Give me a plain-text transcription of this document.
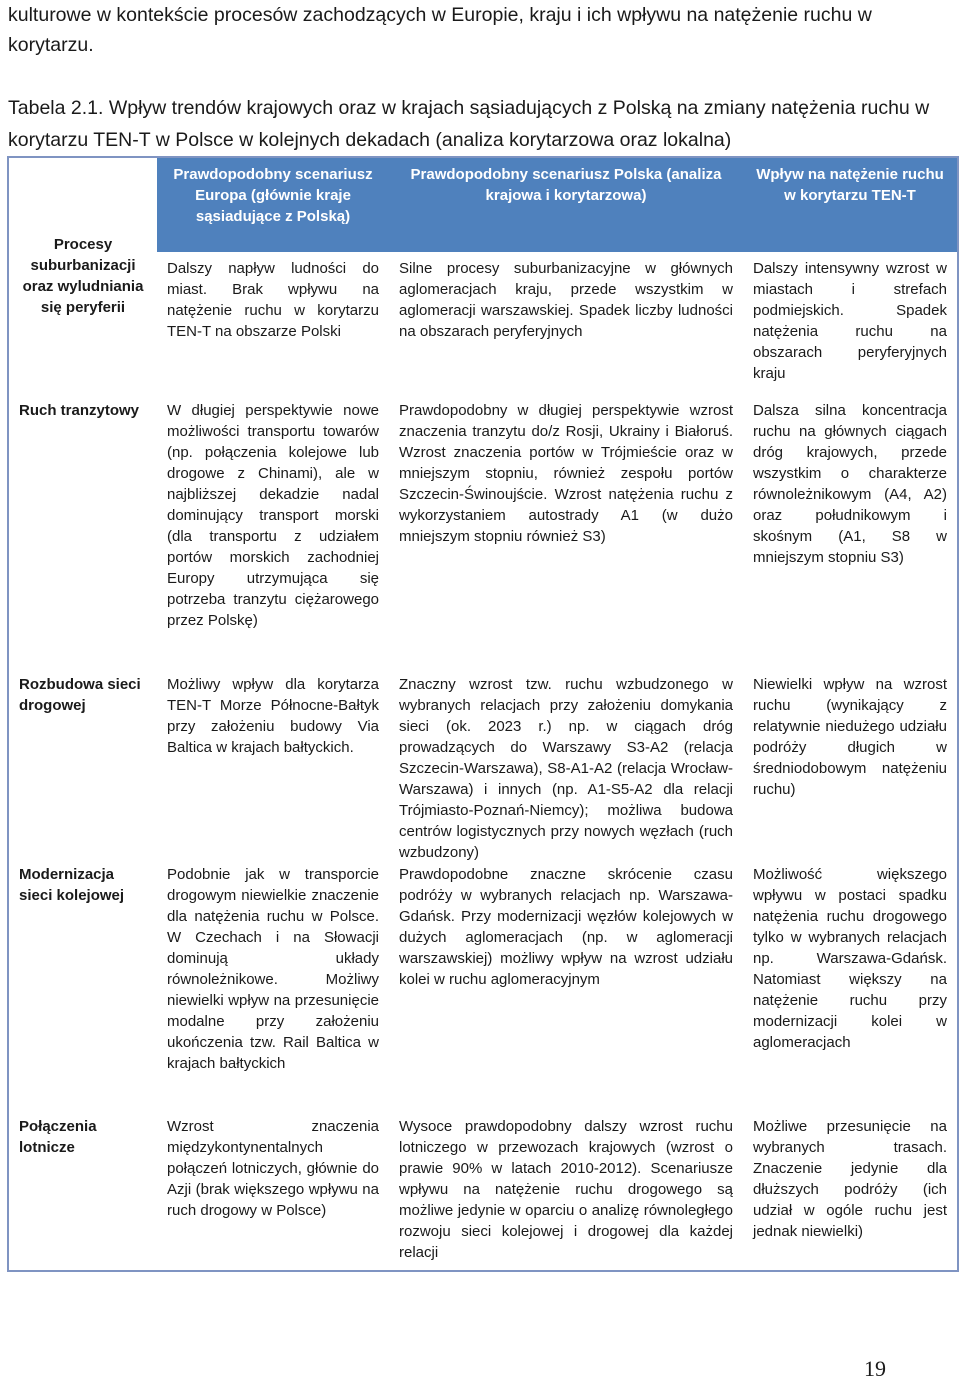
kulturowe w kontekście procesów zachodzących w Europie, kraju i ich wpływu na natężenie ruchu w korytarzu.
Tabela 2.1. Wpływ trendów krajowych oraz w krajach sąsiadujących z Polską na zmiany natężenia ruchu w korytarzu TEN-T w Polsce w kolejnych dekadach (analiza korytarzowa oraz lokalna)
Procesy suburbanizacji oraz wyludniania się peryferii
Prawdopodobny scenariusz Europa (głównie kraje sąsiadujące z Polską)
Dalszy napływ ludności do miast. Brak wpływu na natężenie ruchu w korytarzu TEN-T na obszarze Polski
Prawdopodobny scenariusz Polska (analiza krajowa i korytarzowa)
Silne procesy suburbanizacyjne w głównych aglomeracjach kraju, przede wszystkim w aglomeracji warszawskiej. Spadek liczby ludności na obszarach peryferyjnych
Wpływ na natężenie ruchu w korytarzu TEN-T
Dalszy intensywny wzrost w miastach i strefach podmiejskich. Spadek natężenia ruchu na obszarach peryferyjnych kraju
Ruch tranzytowy	W długiej perspektywie nowe możliwości transportu towarów (np. połączenia kolejowe lub drogowe z Chinami), ale w najbliższej dekadzie nadal dominujący transport morski (dla transportu z udziałem portów morskich zachodniej Europy utrzymująca się potrzeba tranzytu ciężarowego przez Polskę)
Prawdopodobny w długiej perspektywie wzrost znaczenia tranzytu do/z Rosji, Ukrainy i Białoruś. Wzrost znaczenia portów w Trójmieście oraz w mniejszym stopniu, również zespołu portów Szczecin-Świnoujście. Wzrost natężenia ruchu z wykorzystaniem autostrady A1 (w dużo mniejszym stopniu również S3)
Dalsza silna koncentracja ruchu na głównych ciągach dróg krajowych, przede wszystkim o charakterze równoleżnikowym (A4, A2) oraz południkowym i skośnym (A1, S8 w mniejszym stopniu S3)
Rozbudowa sieci drogowej
Możliwy wpływ dla korytarza TEN-T Morze Północne-Bałtyk przy założeniu budowy Via Baltica w krajach bałtyckich.
Znaczny wzrost tzw. ruchu wzbudzonego w wybranych relacjach przy założeniu domykania sieci (ok. 2023 r.) np. w ciągach dróg prowadzących do Warszawy S3-A2 (relacja Szczecin-Warszawa), S8-A1-A2 (relacja Wrocław-Warszawa) i innych (np. A1-S5-A2 dla relacji Trójmiasto-Poznań-Niemcy); możliwa budowa centrów logistycznych przy nowych węzłach (ruch wzbudzony)
Niewielki wpływ na wzrost ruchu (wynikający z relatywnie niedużego udziału podróży długich w średniodobowym natężeniu ruchu)
Modernizacja sieci kolejowej
Podobnie jak w transporcie drogowym niewielkie znaczenie dla natężenia ruchu w Polsce. W Czechach i na Słowacji dominują układy równoleżnikowe. Możliwy niewielki wpływ na przesunięcie modalne przy założeniu ukończenia tzw. Rail Baltica w krajach bałtyckich
Prawdopodobne znaczne skrócenie czasu podróży w wybranych relacjach np. Warszawa-Gdańsk. Przy modernizacji węzłów kolejowych w dużych aglomeracjach (np. w aglomeracji warszawskiej) możliwy wpływ na wzrost udziału kolei w ruchu aglomeracyjnym
Możliwość większego wpływu w postaci spadku natężenia ruchu drogowego tylko w wybranych relacjach np. Warszawa-Gdańsk. Natomiast większy na natężenie ruchu przy modernizacji kolei w aglomeracjach
Połączenia lotnicze
Wzrost znaczenia międzykontynentalnych połączeń lotniczych, głównie do Azji (brak większego wpływu na ruch drogowy w Polsce)
Wysoce prawdopodobny dalszy wzrost ruchu lotniczego w przewozach krajowych (wzrost o prawie 90% w latach 2010-2012). Scenariusze wpływu na natężenie ruchu drogowego są możliwe jedynie w oparciu o analizę równoległego rozwoju sieci kolejowej i drogowej dla każdej relacji
Możliwe przesunięcie na wybranych trasach. Znaczenie jedynie dla dłuższych podróży (ich udział w ogóle ruchu jest jednak niewielki)
19
